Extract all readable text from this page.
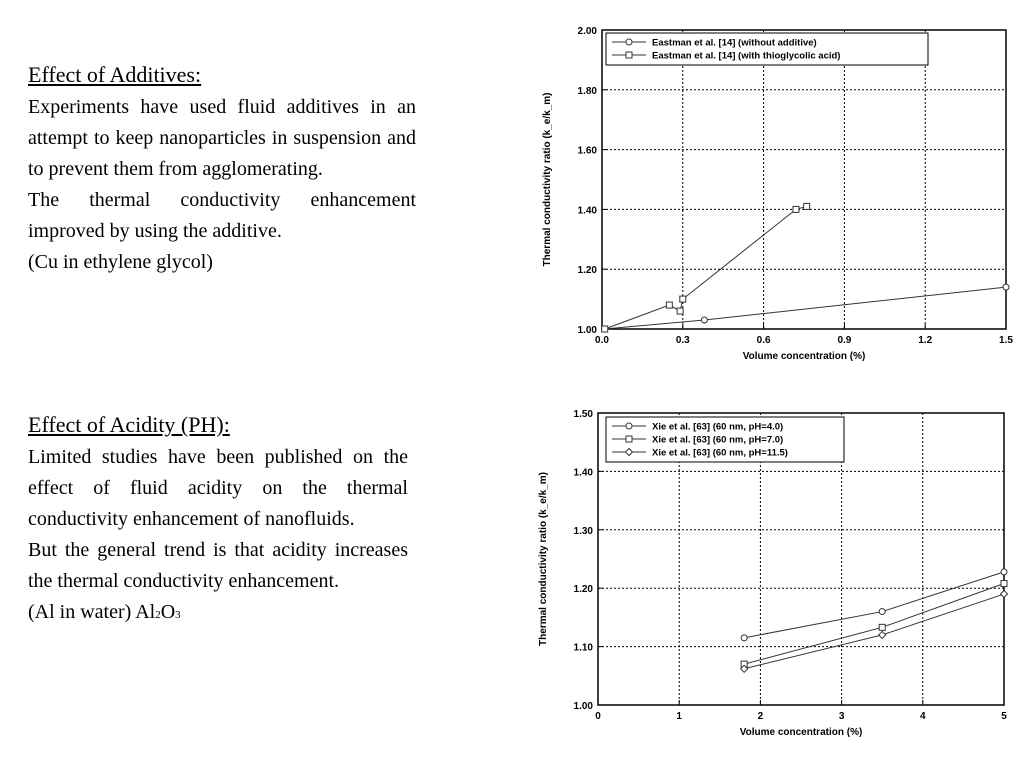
Effect of Additives:

Experiments have used fluid additives in an attempt to keep nanoparticles in suspension and to prevent them from agglomerating.

The thermal conductivity enhancement improved by using the additive.

(Cu in ethylene glycol)

Effect of Acidity (PH):

Limited studies have been published on the effect of fluid acidity on the thermal conductivity enhancement of nanofluids.

But the general trend is that acidity increases the thermal conductivity enhancement.

(Al in water) Al2O3

0.0	0.3	0.6	0.9	1.2	1.5
1.00
1.20
1.40
1.60
1.80
2.00
Volume concentration (%)
Thermal conductivity ratio (k_e/k_m)
Eastman et al. [14] (without additive)
Eastman et al. [14] (with thioglycolic acid)
0	1	2	3	4	5
1.00
1.10
1.20
1.30
1.40
1.50
Volume concentration (%)
Thermal conductivity ratio (k_e/k_m)
Xie et al. [63] (60 nm, pH=4.0)
Xie et al. [63] (60 nm, pH=7.0)
Xie et al. [63] (60 nm, pH=11.5)
